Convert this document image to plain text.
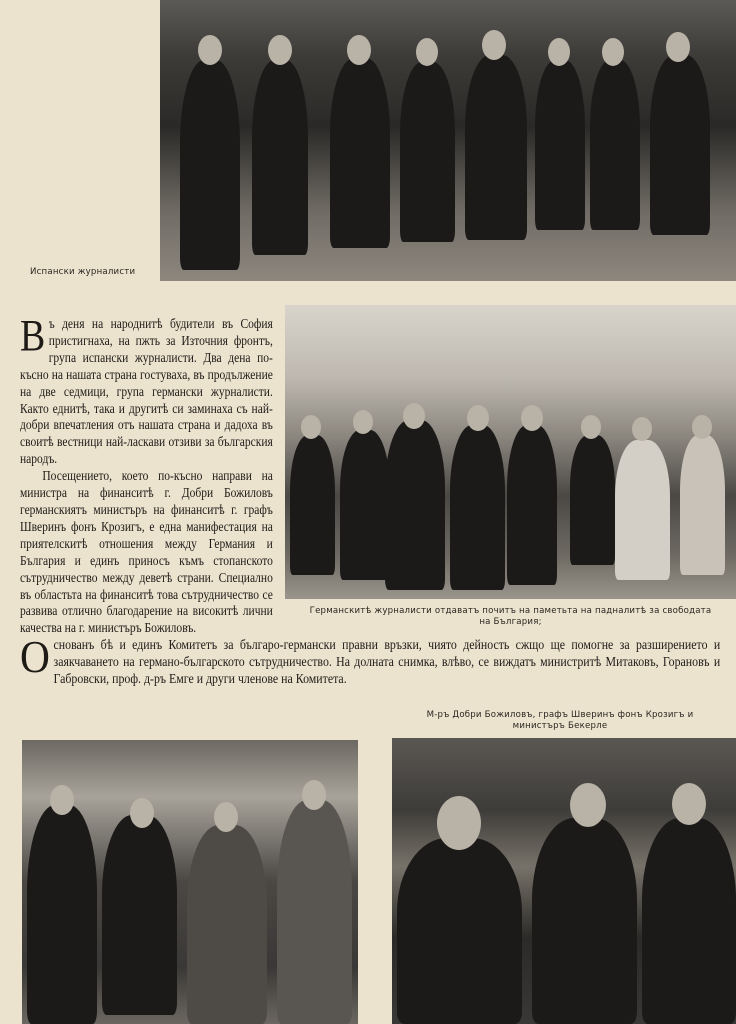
Испански журналисти

Въ деня на народнитѣ будители въ София пристигнаха, на пжть за Източния фронтъ, група испански журналисти. Два дена по-късно на нашата страна гостуваха, въ продължение на две седмици, група германски журналисти. Както еднитѣ, така и другитѣ си заминаха съ най-добри впечатления отъ нашата страна и дадоха въ своитѣ вестници най-ласкави отзиви за българския народъ.

Посещението, което по-късно направи на министра на финанситѣ г. Добри Божиловъ германскиятъ министъръ на финанситѣ г. графъ Шверинъ фонъ Крозигъ, е една манифестация на приятелскитѣ отношения между Германия и България и единъ приносъ къмъ стопанското сътрудничество между деветѣ страни. Специално въ областьта на финанситѣ това сътрудничество се развива отлично благодарение на високитѣ лични качества на г. министъръ Божиловъ.

Германскитѣ журналисти отдаватъ почитъ на паметьта на падналитѣ за свободата
на България;
Основанъ бѣ и единъ Комитетъ за българо-германски правни връзки, чиято дейность сжщо ще помогне за разширението и заякчаването на германо-българското сътрудничество. На долната снимка, влѣво, се виждатъ министритѣ Митаковъ, Горановъ и Габровски, проф. д-ръ Емге и други членове на Комитета.
М-ръ Добри Божиловъ, графъ Шверинъ фонъ Крозигъ и
министъръ Бекерле
